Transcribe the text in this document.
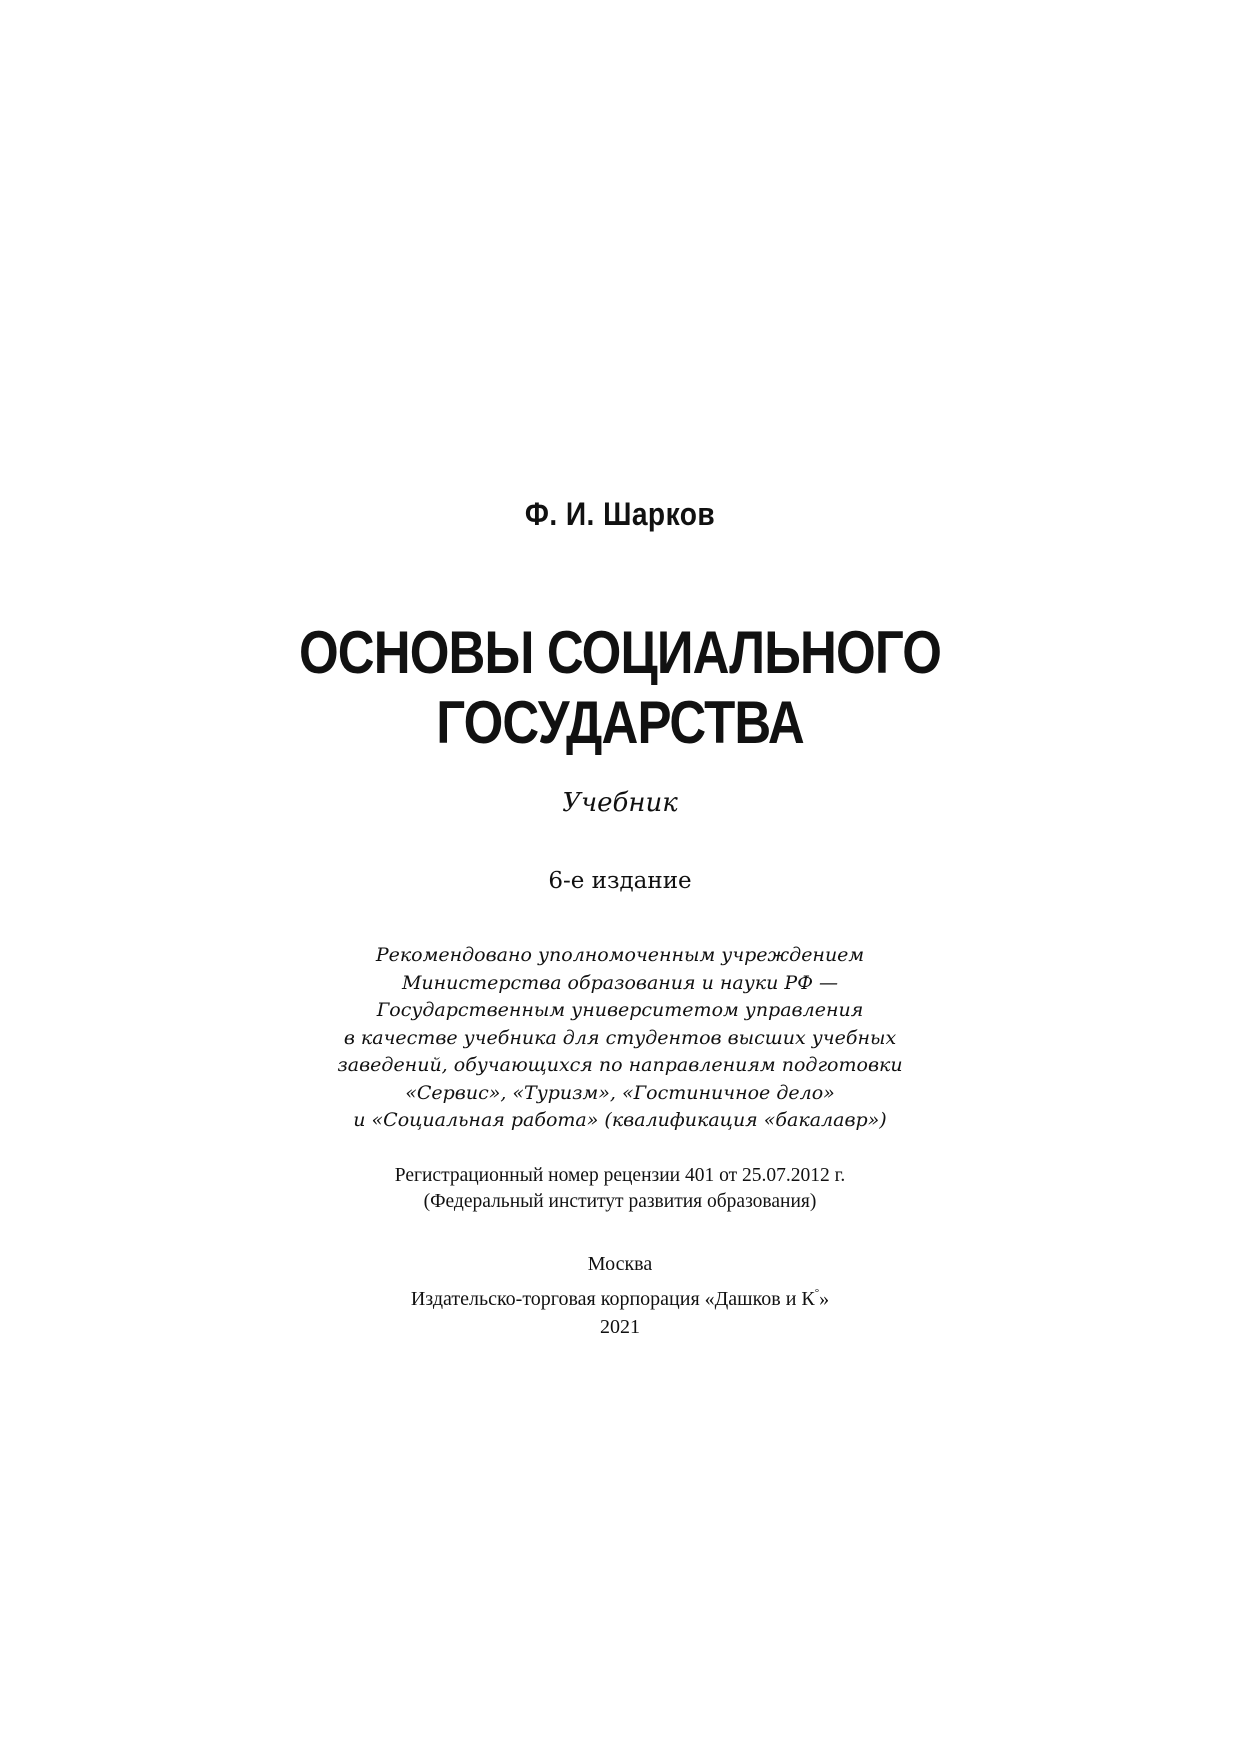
Ф. И. Шарков
ОСНОВЫ СОЦИАЛЬНОГО
ГОСУДАРСТВА
Учебник
6-е издание
Рекомендовано уполномоченным учреждением
Министерства образования и науки РФ —
Государственным университетом управления
в качестве учебника для студентов высших учебных
заведений, обучающихся по направлениям подготовки
«Сервис», «Туризм», «Гостиничное дело»
и «Социальная работа» (квалификация «бакалавр»)
Регистрационный номер рецензии 401 от 25.07.2012 г.
(Федеральный институт развития образования)
Москва
Издательско-торговая корпорация «Дашков и К°»
2021
